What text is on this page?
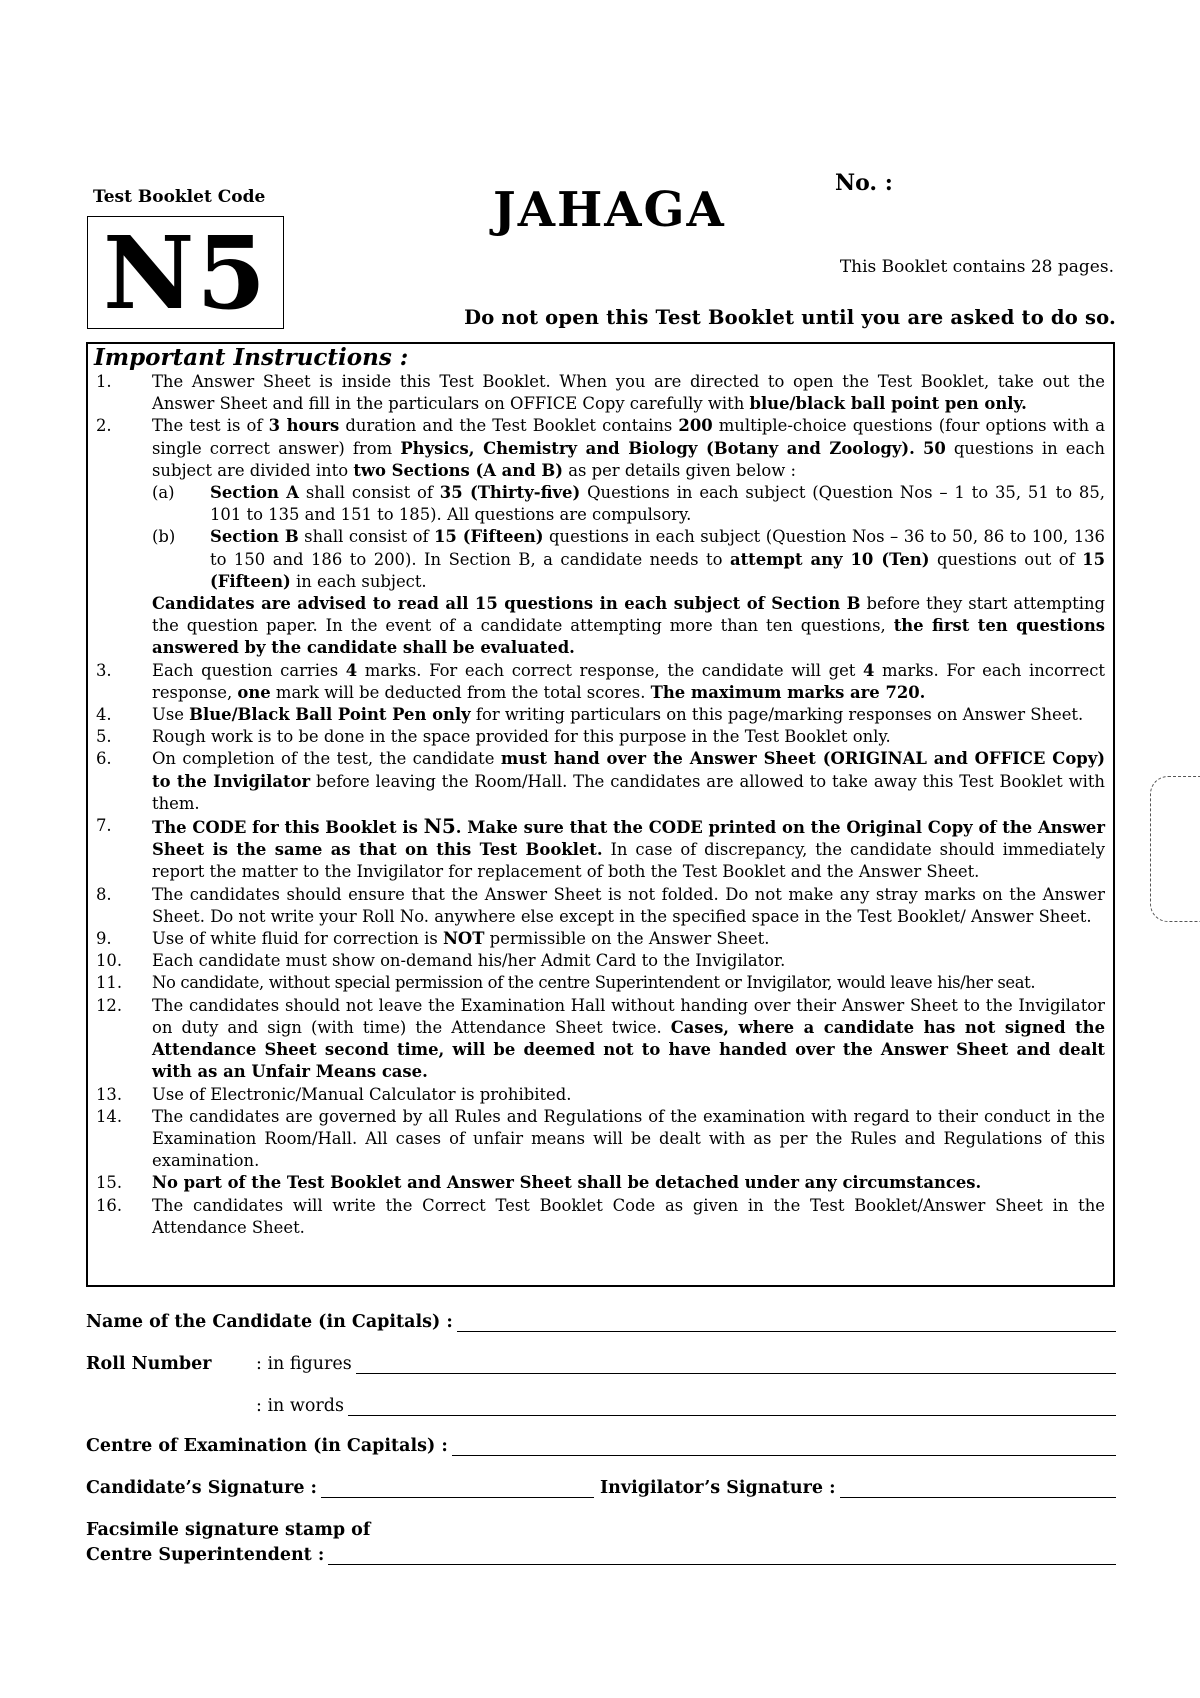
Test Booklet Code
N5
JAHAGA	No. :
This Booklet contains 28 pages.
Do not open this Test Booklet until you are asked to do so.
Important Instructions :
1.	The Answer Sheet is inside this Test Booklet. When you are directed to open the Test Booklet, take out the Answer Sheet and fill in the particulars on OFFICE Copy carefully with blue/black ball point pen only.
2.	The test is of 3 hours duration and the Test Booklet contains 200 multiple-choice questions (four options with a single correct answer) from Physics, Chemistry and Biology (Botany and Zoology). 50 questions in each subject are divided into two Sections (A and B) as per details given below :
(a)	Section A shall consist of 35 (Thirty-five) Questions in each subject (Question Nos – 1 to 35, 51 to 85, 101 to 135 and 151 to 185). All questions are compulsory.
(b)	Section B shall consist of 15 (Fifteen) questions in each subject (Question Nos – 36 to 50, 86 to 100, 136 to 150 and 186 to 200). In Section B, a candidate needs to attempt any 10 (Ten) questions out of 15 (Fifteen) in each subject.
Candidates are advised to read all 15 questions in each subject of Section B before they start attempting the question paper. In the event of a candidate attempting more than ten questions, the first ten questions answered by the candidate shall be evaluated.
3.	Each question carries 4 marks. For each correct response, the candidate will get 4 marks. For each incorrect response, one mark will be deducted from the total scores. The maximum marks are 720.
4.	Use Blue/Black Ball Point Pen only for writing particulars on this page/marking responses on Answer Sheet.
5.	Rough work is to be done in the space provided for this purpose in the Test Booklet only.
6.	On completion of the test, the candidate must hand over the Answer Sheet (ORIGINAL and OFFICE Copy) to the Invigilator before leaving the Room/Hall. The candidates are allowed to take away this Test Booklet with them.
7.	The CODE for this Booklet is N5. Make sure that the CODE printed on the Original Copy of the Answer Sheet is the same as that on this Test Booklet. In case of discrepancy, the candidate should immediately report the matter to the Invigilator for replacement of both the Test Booklet and the Answer Sheet.
8.	The candidates should ensure that the Answer Sheet is not folded. Do not make any stray marks on the Answer Sheet. Do not write your Roll No. anywhere else except in the specified space in the Test Booklet/ Answer Sheet.
9.	Use of white fluid for correction is NOT permissible on the Answer Sheet.
10.	Each candidate must show on-demand his/her Admit Card to the Invigilator.
11.	No candidate, without special permission of the centre Superintendent or Invigilator, would leave his/her seat.
12.	The candidates should not leave the Examination Hall without handing over their Answer Sheet to the Invigilator on duty and sign (with time) the Attendance Sheet twice. Cases, where a candidate has not signed the Attendance Sheet second time, will be deemed not to have handed over the Answer Sheet and dealt with as an Unfair Means case.
13.	Use of Electronic/Manual Calculator is prohibited.
14.	The candidates are governed by all Rules and Regulations of the examination with regard to their conduct in the Examination Room/Hall. All cases of unfair means will be dealt with as per the Rules and Regulations of this examination.
15.	No part of the Test Booklet and Answer Sheet shall be detached under any circumstances.
16.	The candidates will write the Correct Test Booklet Code as given in the Test Booklet/Answer Sheet in the Attendance Sheet.
Name of the Candidate (in Capitals) :
Roll Number	: in figures
: in words
Centre of Examination (in Capitals) :
Candidate’s Signature :	Invigilator’s Signature :
Facsimile signature stamp of
Centre Superintendent :
